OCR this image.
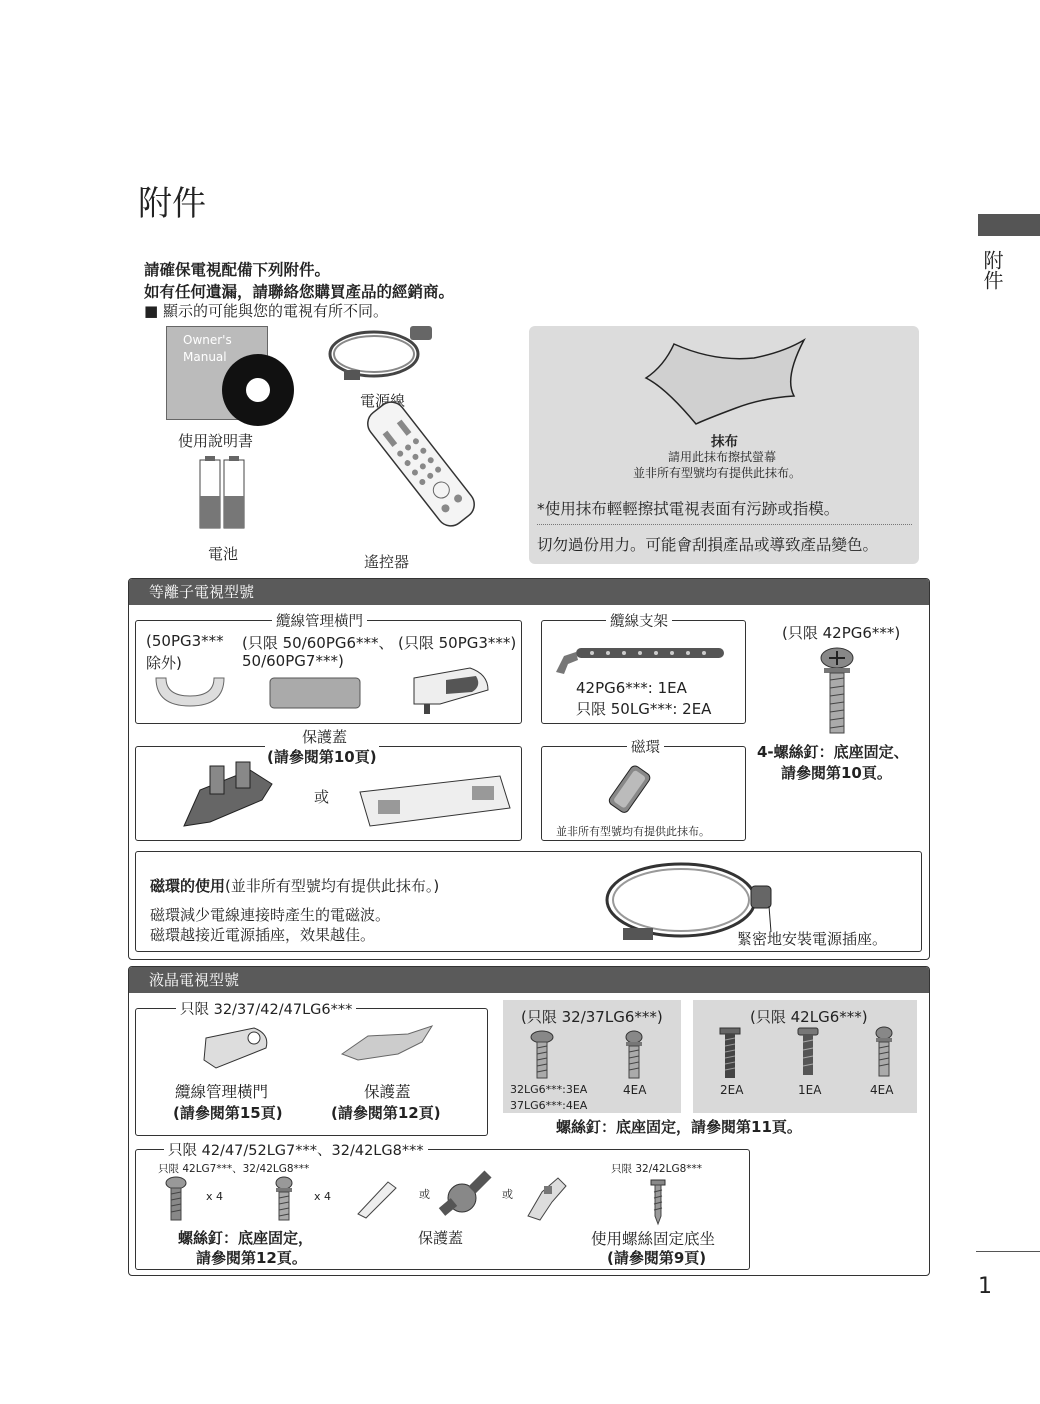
附件
附件
1
請確保電視配備下列附件。
如有任何遺漏，請聯絡您購買產品的經銷商。
■ 顯示的可能與您的電視有所不同。
Owner's
Manual
使用說明書
電源線
電池	遙控器
抹布
請用此抹布擦拭螢幕
並非所有型號均有提供此抹布。
*使用抹布輕輕擦拭電視表面有污跡或指模。
切勿過份用力。可能會刮損產品或導致產品變色。
等離子電視型號
纜線管理橫門
(50PG3***
除外)
(只限 50/60PG6***、
50/60PG7***)
(只限 50PG3***)
纜線支架
42PG6***: 1EA
只限 50LG***: 2EA
(只限 42PG6***)
4-螺絲釘：底座固定、
請參閱第10頁。
保護蓋
(請參閱第10頁)
或
磁環
並非所有型號均有提供此抹布。
磁環的使用(並非所有型號均有提供此抹布。)
磁環減少電線連接時產生的電磁波。
磁環越接近電源插座，效果越佳。	緊密地安裝電源插座。
液晶電視型號
只限 32/37/42/47LG6***
纜線管理橫門
(請參閱第15頁)
保護蓋
(請參閱第12頁)
(只限 32/37LG6***)
32LG6***:3EA
37LG6***:4EA
4EA
(只限 42LG6***)
2EA	1EA	4EA
螺絲釘：底座固定，請參閱第11頁。
只限 42/47/52LG7***、32/42LG8***
只限 42LG7***、32/42LG8***
x 4	x 4
螺絲釘：底座固定，
請參閱第12頁。
或	或
保護蓋
只限 32/42LG8***
使用螺絲固定底坐
(請參閱第9頁)
